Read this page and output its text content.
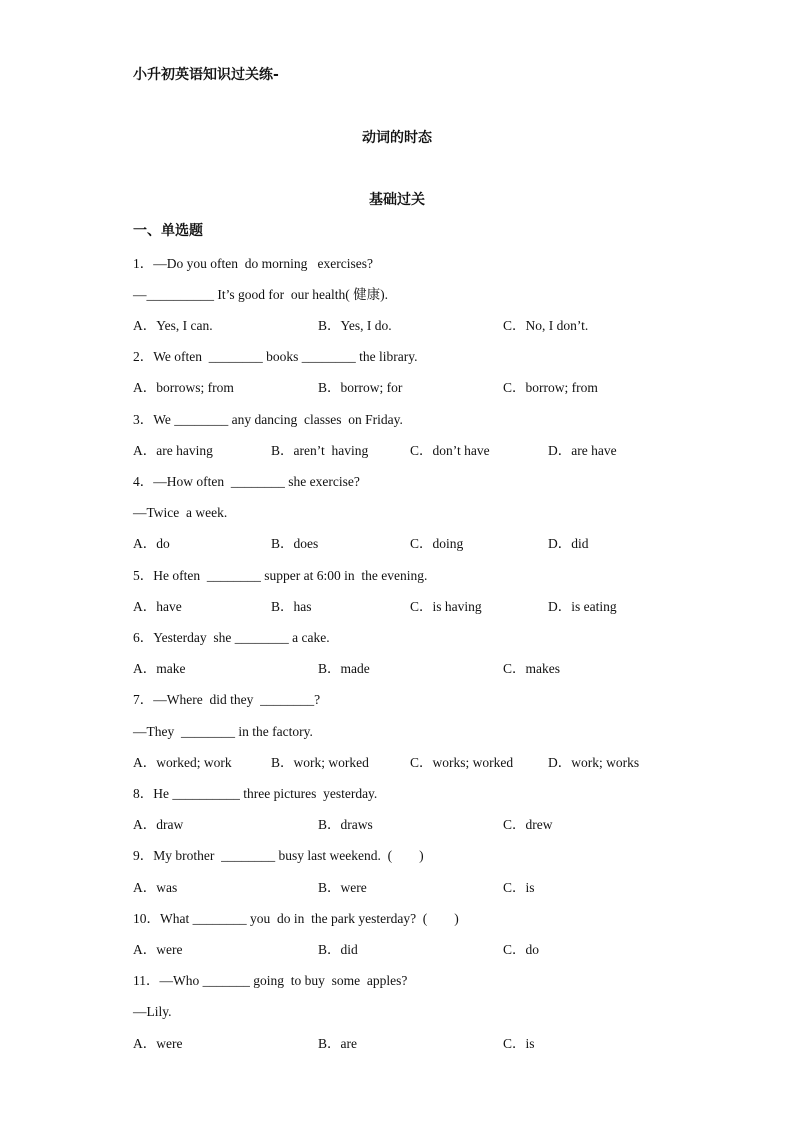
小升初英语知识过关练-
动词的时态
基础过关
一、单选题
1．—Do you often  do morning   exercises?
—__________ It’s good for  our health( 健康).
A．Yes, I can.	B．Yes, I do.	C．No, I don’t.
2．We often  ________ books ________ the library.
A．borrows; from	B．borrow; for	C．borrow; from
3．We ________ any dancing  classes  on Friday.
A．are having	B．aren’t  having	C．don’t have	D．are have
4．—How often  ________ she exercise?
—Twice  a week.
A．do	B．does	C．doing	D．did
5．He often  ________ supper at 6:00 in  the evening.
A．have	B．has	C．is having	D．is eating
6．Yesterday  she ________ a cake.
A．make	B．made	C．makes
7．—Where  did they  ________?
—They  ________ in the factory.
A．worked; work	B．work; worked	C．works; worked	D．work; works
8．He __________ three pictures  yesterday.
A．draw	B．draws	C．drew
9．My brother  ________ busy last weekend.  (        )
A．was	B．were	C．is
10．What ________ you  do in  the park yesterday?  (        )
A．were	B．did	C．do
11．—Who _______ going  to buy  some  apples?
—Lily.
A．were	B．are	C．is
